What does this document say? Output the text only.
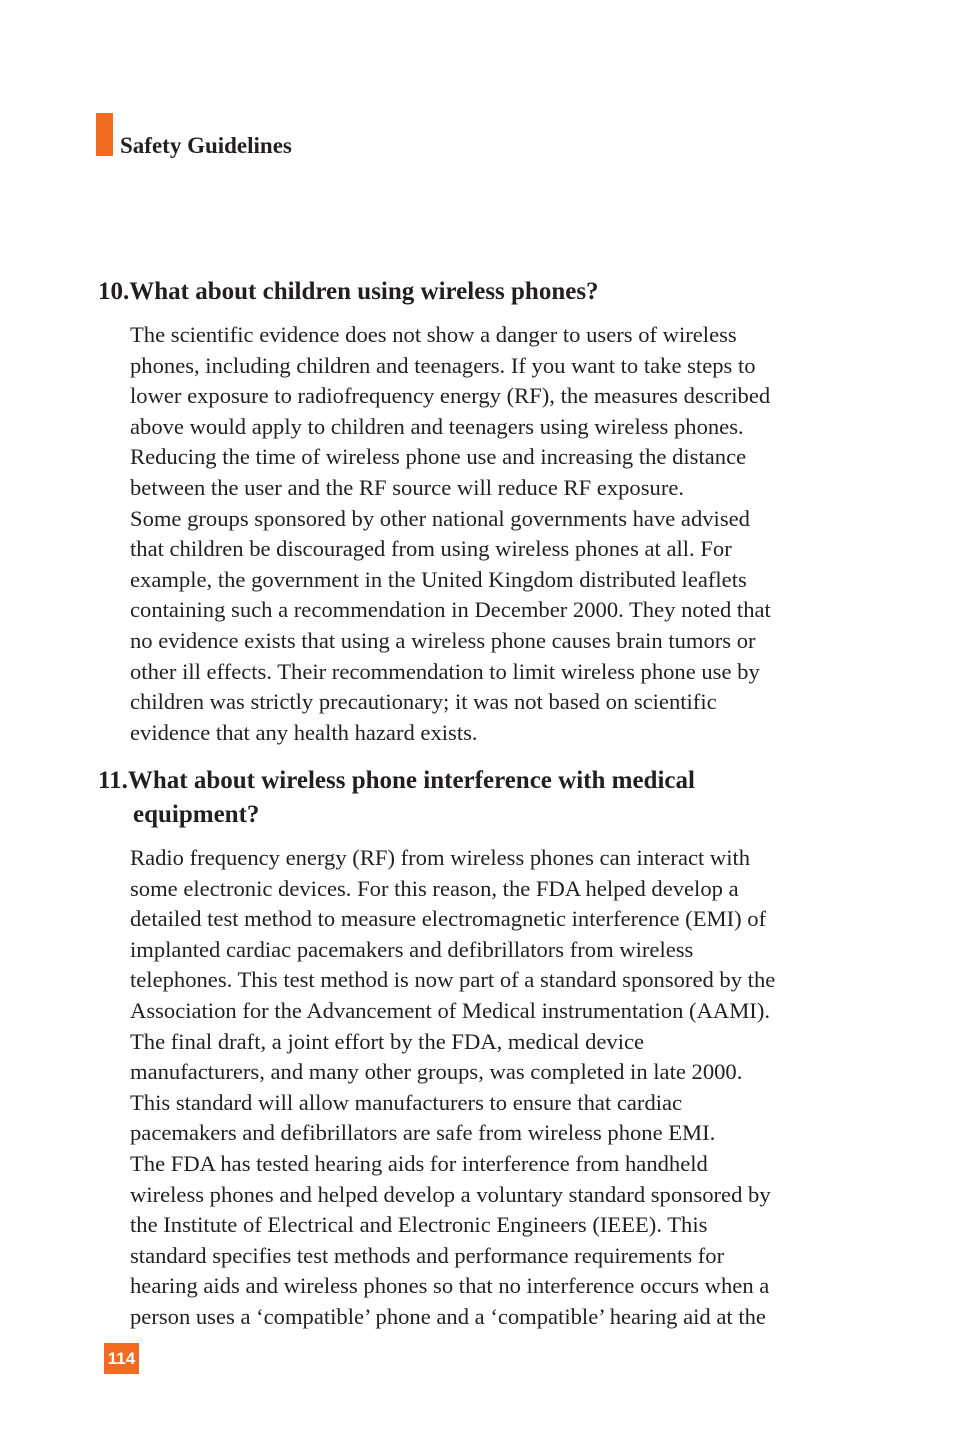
Safety Guidelines
10.What about children using wireless phones?
The scientific evidence does not show a danger to users of wireless
phones, including children and teenagers. If you want to take steps to
lower exposure to radiofrequency energy (RF), the measures described
above would apply to children and teenagers using wireless phones.
Reducing the time of wireless phone use and increasing the distance
between the user and the RF source will reduce RF exposure.
Some groups sponsored by other national governments have advised
that children be discouraged from using wireless phones at all. For
example, the government in the United Kingdom distributed leaflets
containing such a recommendation in December 2000. They noted that
no evidence exists that using a wireless phone causes brain tumors or
other ill effects. Their recommendation to limit wireless phone use by
children was strictly precautionary; it was not based on scientific
evidence that any health hazard exists.
11.What about wireless phone interference with medical
equipment?
Radio frequency energy (RF) from wireless phones can interact with
some electronic devices. For this reason, the FDA helped develop a
detailed test method to measure electromagnetic interference (EMI) of
implanted cardiac pacemakers and defibrillators from wireless
telephones. This test method is now part of a standard sponsored by the
Association for the Advancement of Medical instrumentation (AAMI).
The final draft, a joint effort by the FDA, medical device
manufacturers, and many other groups, was completed in late 2000.
This standard will allow manufacturers to ensure that cardiac
pacemakers and defibrillators are safe from wireless phone EMI.
The FDA has tested hearing aids for interference from handheld
wireless phones and helped develop a voluntary standard sponsored by
the Institute of Electrical and Electronic Engineers (IEEE). This
standard specifies test methods and performance requirements for
hearing aids and wireless phones so that no interference occurs when a
person uses a ‘compatible’ phone and a ‘compatible’ hearing aid at the
114
